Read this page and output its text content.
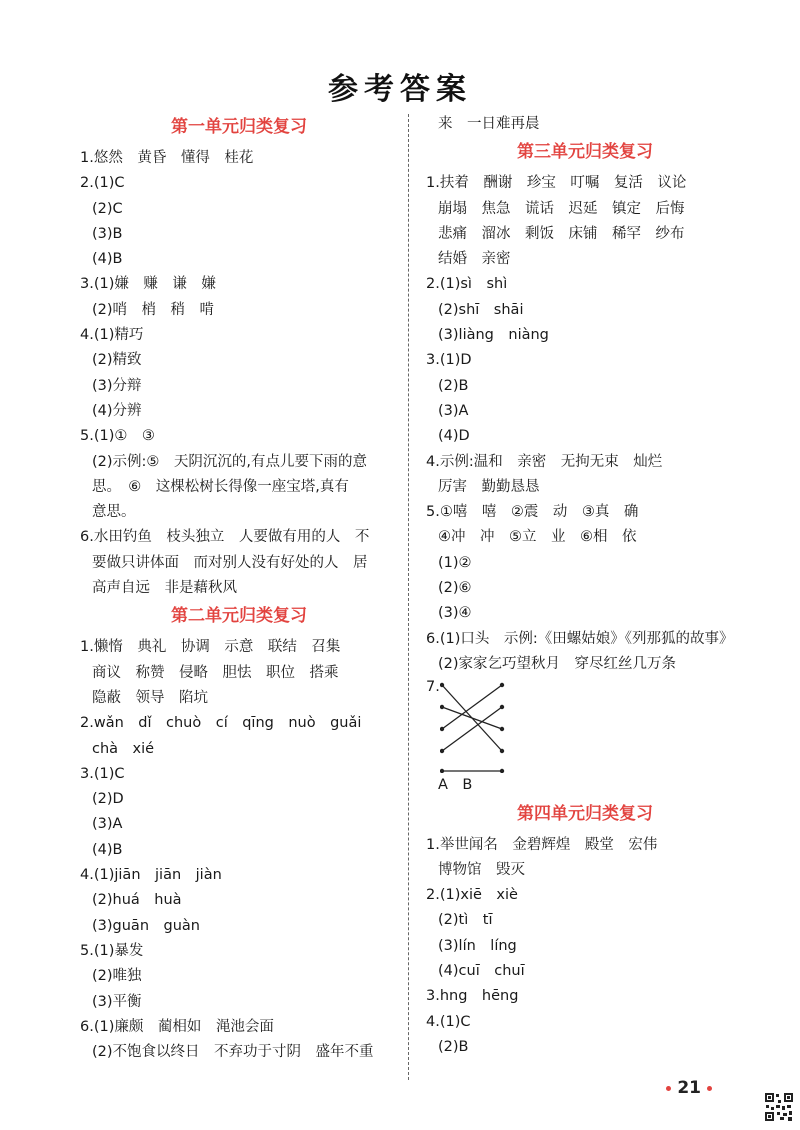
参考答案
第一单元归类复习
1.悠然　黄昏　懂得　桂花
2.(1)C
(2)C
(3)B
(4)B
3.(1)嫌　赚　谦　嫌
(2)哨　梢　稍　啃
4.(1)精巧
(2)精致
(3)分辩
(4)分辨
5.(1)①　③
(2)示例:⑤　天阴沉沉的,有点儿要下雨的意
思。　⑥　这棵松树长得像一座宝塔,真有
意思。
6.水田钓鱼　枝头独立　人要做有用的人　不
要做只讲体面　而对别人没有好处的人　居
高声自远　非是藉秋风
第二单元归类复习
1.懒惰　典礼　协调　示意　联结　召集
商议　称赞　侵略　胆怯　职位　搭乘
隐蔽　领导　陷坑
2.wǎn　dǐ　chuò　cí　qīng　nuò　guǎi
chà　xié
3.(1)C
(2)D
(3)A
(4)B
4.(1)jiān　jiān　jiàn
(2)huá　huà
(3)guān　guàn
5.(1)暴发
(2)唯独
(3)平衡
6.(1)廉颇　蔺相如　渑池会面
(2)不饱食以终日　不弃功于寸阴　盛年不重
来　一日难再晨
第三单元归类复习
1.扶着　酬谢　珍宝　叮嘱　复活　议论
崩塌　焦急　谎话　迟延　镇定　后悔
悲痛　溜冰　剩饭　床铺　稀罕　纱布
结婚　亲密
2.(1)sì　shì
(2)shī　shāi
(3)liàng　niàng
3.(1)D
(2)B
(3)A
(4)D
4.示例:温和　亲密　无拘无束　灿烂
厉害　勤勤恳恳
5.①嘻　嘻　②震　动　③真　确
④冲　冲　⑤立　业　⑥相　依
(1)②
(2)⑥
(3)④
6.(1)口头　示例:《田螺姑娘》《列那狐的故事》
(2)家家乞巧望秋月　穿尽红丝几万条
7.
A　B
第四单元归类复习
1.举世闻名　金碧辉煌　殿堂　宏伟
博物馆　毁灭
2.(1)xiē　xiè
(2)tì　tī
(3)lín　líng
(4)cuī　chuī
3.hng　hēng
4.(1)C
(2)B
21
